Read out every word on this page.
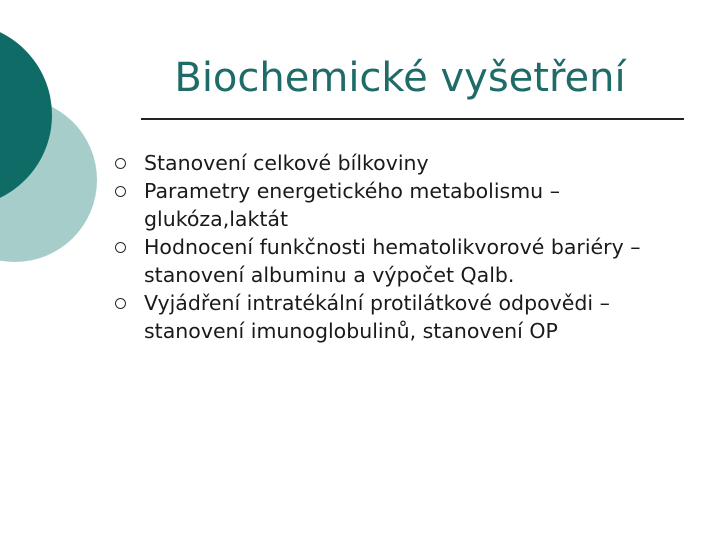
Biochemické vyšetření
Stanovení celkové bílkoviny
Parametry energetického metabolismu – glukóza,laktát
Hodnocení funkčnosti hematolikvorové bariéry –stanovení albuminu a výpočet Qalb.
Vyjádření intratékální protilátkové odpovědi – stanovení imunoglobulinů, stanovení OP
